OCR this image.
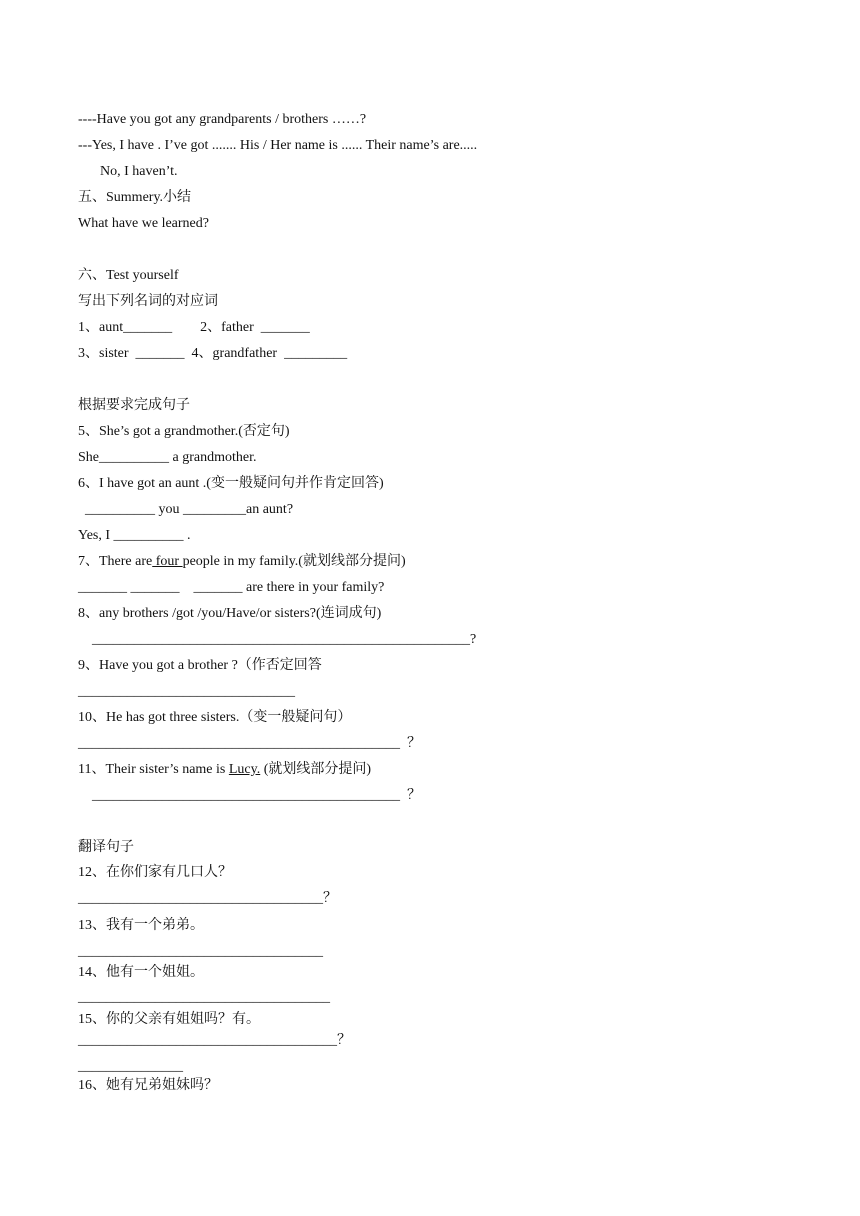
----Have you got any grandparents / brothers ……?
---Yes, I have . I’ve got ....... His / Her name is ...... Their name’s are.....
No, I haven’t.
五、Summery.小结
What have we learned?
六、Test yourself
写出下列名词的对应词
1、aunt_______        2、father  _______
3、sister  _______  4、grandfather  _________
根据要求完成句子
5、She’s got a grandmother.(否定句)
She__________ a grandmother.
6、I have got an aunt .(变一般疑问句并作肯定回答)
__________ you _________an aunt?
Yes, I __________ .
7、There are four people in my family.(就划线部分提问)
_______ _______    _______ are there in your family?
8、any brothers /got /you/Have/or sisters?(连词成句)
______________________________________________________?
9、Have you got a brother ?（作否定回答
_______________________________
10、He has got three sisters.（变一般疑问句）
______________________________________________  ？
11、Their sister’s name is Lucy. (就划线部分提问)
____________________________________________  ？
翻译句子
12、在你们家有几口人？
___________________________________？
13、我有一个弟弟。
___________________________________
14、他有一个姐姐。
____________________________________
15、你的父亲有姐姐吗？有。
_____________________________________？
_______________
16、她有兄弟姐妹吗？
